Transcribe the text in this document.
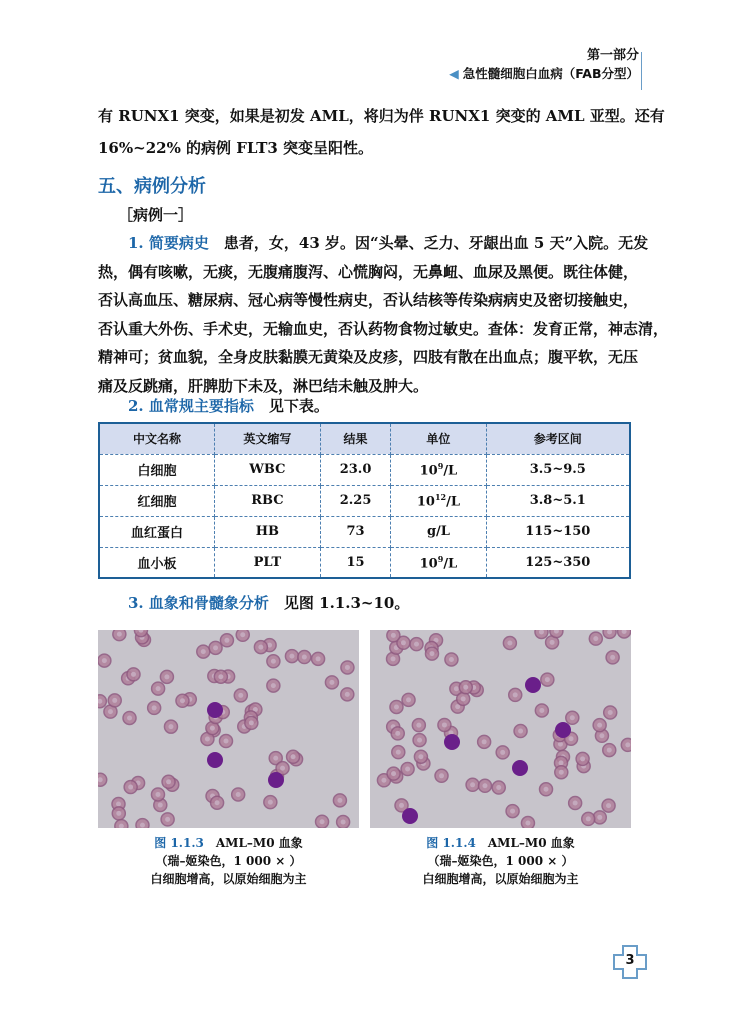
第一部分
◀ 急性髓细胞白血病（FAB分型）
有 RUNX1 突变，如果是初发 AML，将归为伴 RUNX1 突变的 AML 亚型。还有
16%~22% 的病例 FLT3 突变呈阳性。
五、病例分析
［病例一］
1. 简要病史　 患者，女，43 岁。因“头晕、乏力、牙龈出血 5 天”入院。无发
热，偶有咳嗽，无痰，无腹痛腹泻、心慌胸闷，无鼻衄、血尿及黑便。既往体健，
否认高血压、糖尿病、冠心病等慢性病史，否认结核等传染病病史及密切接触史，
否认重大外伤、手术史，无输血史，否认药物食物过敏史。查体：发育正常，神志清，
精神可；贫血貌，全身皮肤黏膜无黄染及皮疹，四肢有散在出血点；腹平软，无压
痛及反跳痛，肝脾肋下未及，淋巴结未触及肿大。
2. 血常规主要指标　 见下表。
中文名称	英文缩写	结果	单位	参考区间
白细胞	WBC	23.0	$10^9/L$	3.5~9.5
红细胞	RBC	2.25	$10^{12}/L$	3.8~5.1
血红蛋白	HB	73	g/L	115~150
血小板	PLT	15	$10^9/L$	125~350
3. 血象和骨髓象分析　 见图 1.1.3~10。
图 1.1.3　 AML–M0 血象
（瑞–姬染色，1 000 × ）
白细胞增高，以原始细胞为主
图 1.1.4　 AML–M0 血象
（瑞–姬染色，1 000 × ）
白细胞增高，以原始细胞为主
3
